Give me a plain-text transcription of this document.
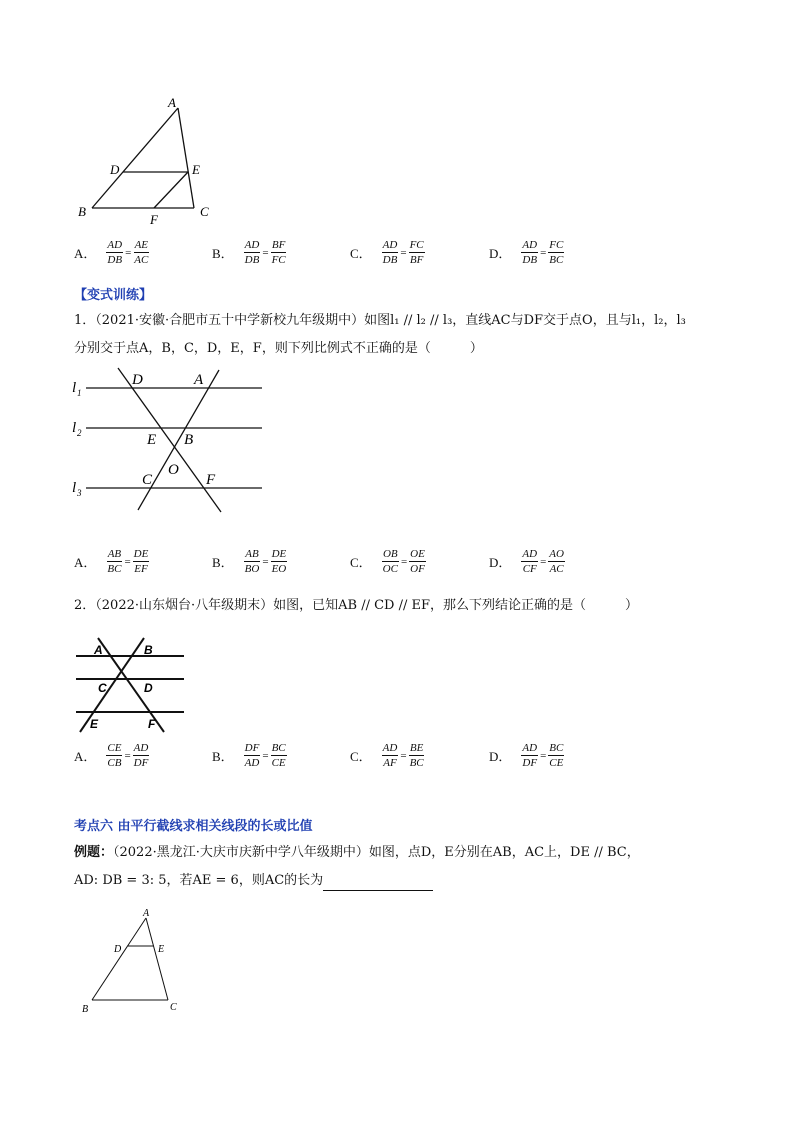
A
D	E
B
F
C
A． $\frac{AD}{DB} = \frac{AE}{AC}$	B． $\frac{AD}{DB} = \frac{BF}{FC}$	C． $\frac{AD}{DB} = \frac{FC}{BF}$	D． $\frac{AD}{DB} = \frac{FC}{BC}$
【变式训练】
1．（2021·安徽·合肥市五十中学新校九年级期中）如图l₁ // l₂ // l₃，直线AC与DF交于点O，且与l₁，l₂，l₃
分别交于点A，B，C，D，E，F，则下列比例式不正确的是（　　　）
l 1
l 2
l 3
D	A
E B
O
C	F
A． $\frac{AB}{BC} = \frac{DE}{EF}$	B． $\frac{AB}{BO} = \frac{DE}{EO}$	C． $\frac{OB}{OC} = \frac{OE}{OF}$	D． $\frac{AD}{CF} = \frac{AO}{AC}$
2．（2022·山东烟台·八年级期末）如图，已知AB // CD // EF，那么下列结论正确的是（　　　）
A	B
C	D
E	F
A． $\frac{CE}{CB} = \frac{AD}{DF}$	B． $\frac{DF}{AD} = \frac{BC}{CE}$	C． $\frac{AD}{AF} = \frac{BE}{BC}$	D． $\frac{AD}{DF} = \frac{BC}{CE}$
考点六 由平行截线求相关线段的长或比值
例题：（2022·黑龙江·大庆市庆新中学八年级期中）如图，点D，E分别在AB，AC上，DE // BC，
AD: DB = 3: 5，若AE = 6，则AC的长为
A
D	E
B	C
